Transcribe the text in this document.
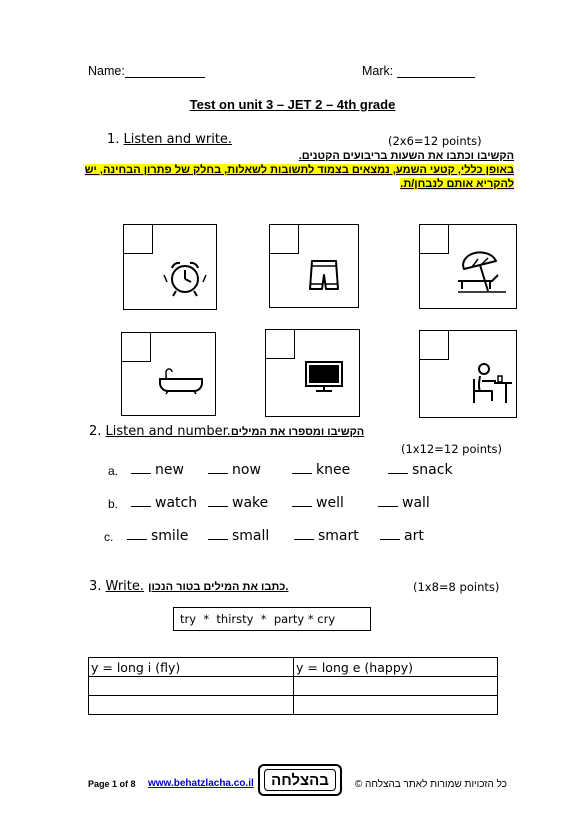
Name:	Mark:
Test on unit 3 – JET 2 – 4th grade
1. Listen and write.	(2x6=12 points)
הקשיבו וכתבו את השעות בריבועים הקטנים.
באופן כללי, קטעי השמע, נמצאים בצמוד לתשובות לשאלות, בחלק של פתרון הבחינה, יש
להקריא אותם לנבחן/ת.
2. Listen and number.הקשיבו ומספרו את המילים
(1x12=12 points)
a.	new	now	knee	snack
b.	watch	wake	well	wall
c.	smile	small	smart	art
3. Write. כתבו את המילים בטור הנכון.	(1x8=8 points)
try  *  thirsty  *  party * cry
y = long i (fly)	y = long e (happy)

Page 1 of 8 www.behatzlacha.co.il	בהצלחה	כל הזכויות שמורות לאתר בהצלחה ©
